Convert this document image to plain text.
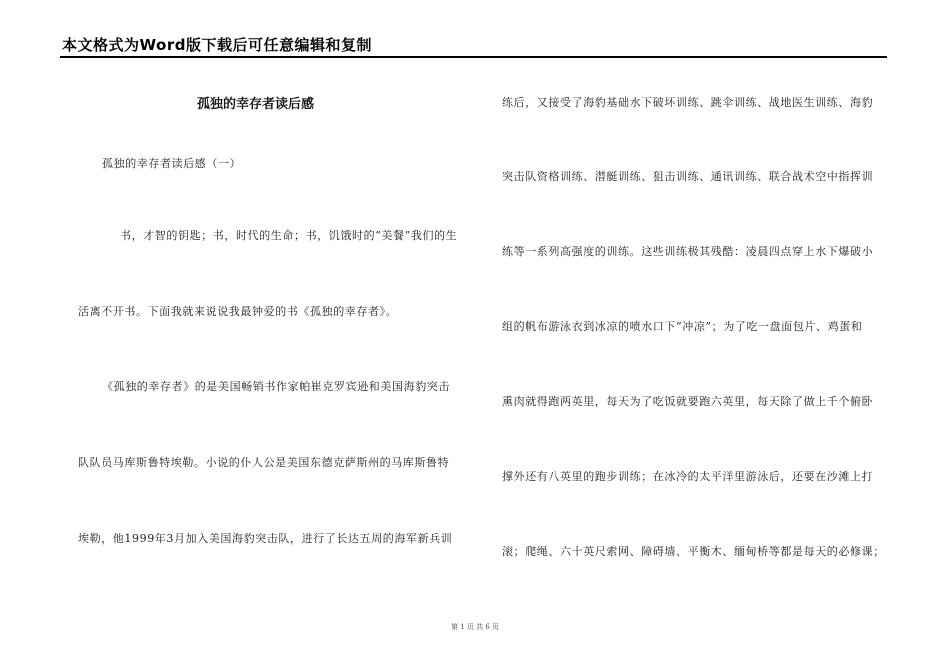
本文格式为Word版下载后可任意编辑和复制
孤独的幸存者读后感
孤独的幸存者读后感（一）
书，才智的钥匙；书，时代的生命；书，饥饿时的“美餐”我们的生
活离不开书。下面我就来说说我最钟爱的书《孤独的幸存者》。
《孤独的幸存者》的是美国畅销书作家帕崔克罗宾逊和美国海豹突击
队队员马库斯鲁特埃勒。小说的仆人公是美国东德克萨斯州的马库斯鲁特
埃勒，他1999年3月加入美国海豹突击队，进行了长达五周的海军新兵训
练后，又接受了海豹基础水下破坏训练、跳伞训练、战地医生训练、海豹
突击队资格训练、潜艇训练、狙击训练、通讯训练、联合战术空中指挥训
练等一系列高强度的训练。这些训练极其残酷：凌晨四点穿上水下爆破小
组的帆布游泳衣到冰凉的喷水口下“冲凉”；为了吃一盘面包片、鸡蛋和
熏肉就得跑两英里，每天为了吃饭就要跑六英里，每天除了做上千个俯卧
撑外还有八英里的跑步训练；在冰冷的太平洋里游泳后，还要在沙滩上打
滚；爬绳、六十英尺索网、障碍墙、平衡木、缅甸桥等都是每天的必修课；
第 1 页 共 6 页
